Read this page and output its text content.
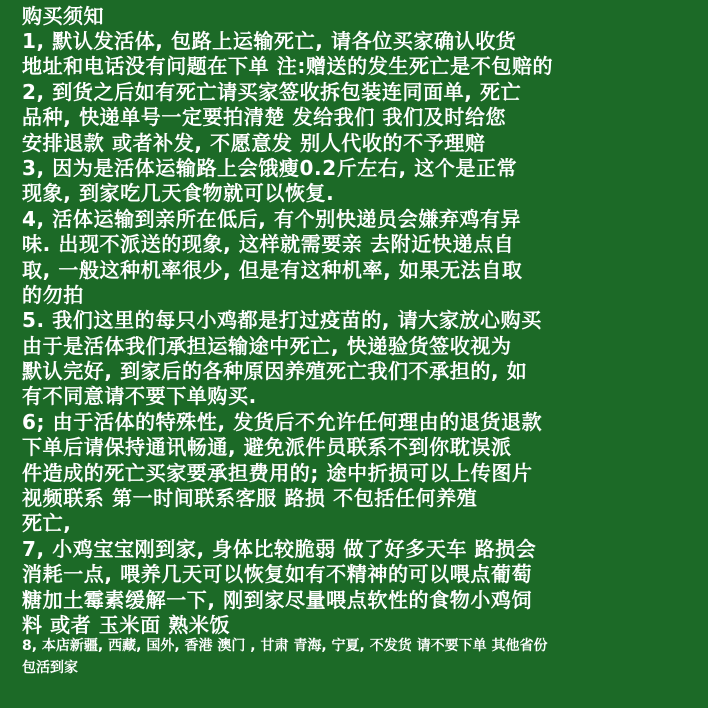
购买须知
1, 默认发活体, 包路上运输死亡, 请各位买家确认收货
地址和电话没有问题在下单 注:赠送的发生死亡是不包赔的
2, 到货之后如有死亡请买家签收拆包装连同面单, 死亡
品种, 快递单号一定要拍清楚 发给我们 我们及时给您
安排退款 或者补发, 不愿意发 别人代收的不予理赔
3, 因为是活体运输路上会饿瘦0.2斤左右, 这个是正常
现象, 到家吃几天食物就可以恢复.
4, 活体运输到亲所在低后, 有个别快递员会嫌弃鸡有异
味. 出现不派送的现象, 这样就需要亲 去附近快递点自
取, 一般这种机率很少, 但是有这种机率, 如果无法自取
的勿拍
5. 我们这里的每只小鸡都是打过疫苗的, 请大家放心购买
由于是活体我们承担运输途中死亡, 快递验货签收视为
默认完好, 到家后的各种原因养殖死亡我们不承担的, 如
有不同意请不要下单购买.
6; 由于活体的特殊性, 发货后不允许任何理由的退货退款
下单后请保持通讯畅通, 避免派件员联系不到你耽误派
件造成的死亡买家要承担费用的; 途中折损可以上传图片
视频联系 第一时间联系客服 路损 不包括任何养殖
死亡,
7, 小鸡宝宝刚到家, 身体比较脆弱 做了好多天车 路损会
消耗一点, 喂养几天可以恢复如有不精神的可以喂点葡萄
糖加土霉素缓解一下, 刚到家尽量喂点软性的食物小鸡饲
料 或者 玉米面 熟米饭
8, 本店新疆, 西藏, 国外, 香港 澳门 , 甘肃 青海, 宁夏, 不发货 请不要下单 其他省份
包活到家
